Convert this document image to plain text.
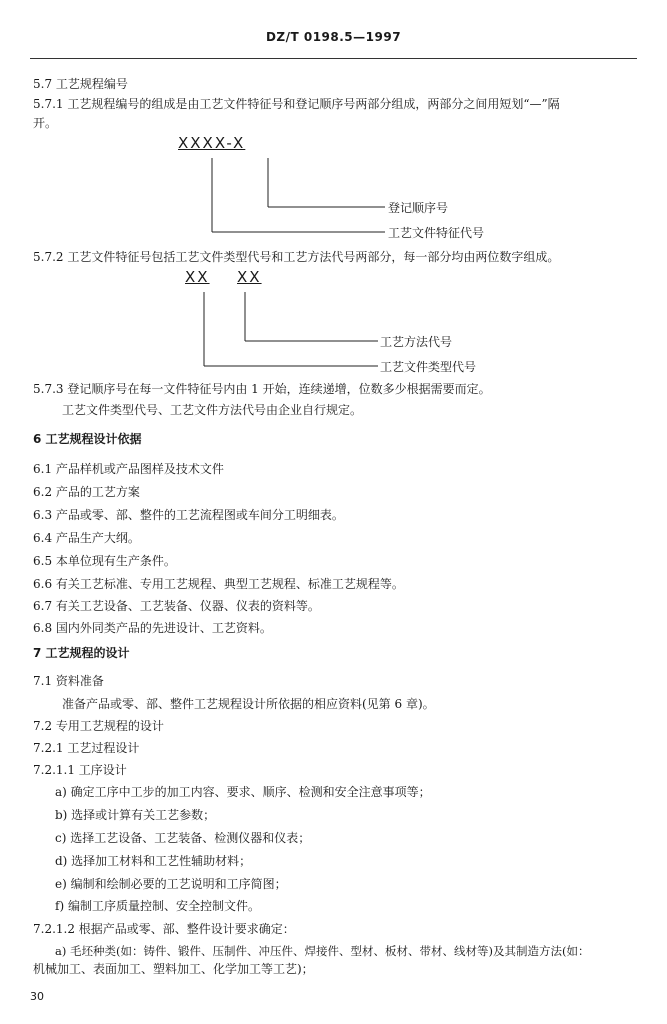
DZ/T 0198.5—1997
5.7 工艺规程编号
5.7.1 工艺规程编号的组成是由工艺文件特征号和登记顺序号两部分组成，两部分之间用短划“—”隔
开。
XXXX-X
登记顺序号
工艺文件特征代号
5.7.2 工艺文件特征号包括工艺文件类型代号和工艺方法代号两部分，每一部分均由两位数字组成。
XX XX
工艺方法代号
工艺文件类型代号
5.7.3 登记顺序号在每一文件特征号内由 1 开始，连续递增，位数多少根据需要而定。
工艺文件类型代号、工艺文件方法代号由企业自行规定。
6 工艺规程设计依据
6.1 产品样机或产品图样及技术文件
6.2 产品的工艺方案
6.3 产品或零、部、整件的工艺流程图或车间分工明细表。
6.4 产品生产大纲。
6.5 本单位现有生产条件。
6.6 有关工艺标准、专用工艺规程、典型工艺规程、标准工艺规程等。
6.7 有关工艺设备、工艺装备、仪器、仪表的资料等。
6.8 国内外同类产品的先进设计、工艺资料。
7 工艺规程的设计
7.1 资料准备
准备产品或零、部、整件工艺规程设计所依据的相应资料(见第 6 章)。
7.2 专用工艺规程的设计
7.2.1 工艺过程设计
7.2.1.1 工序设计
a) 确定工序中工步的加工内容、要求、顺序、检测和安全注意事项等；
b) 选择或计算有关工艺参数；
c) 选择工艺设备、工艺装备、检测仪器和仪表；
d) 选择加工材料和工艺性辅助材料；
e) 编制和绘制必要的工艺说明和工序简图；
f) 编制工序质量控制、安全控制文件。
7.2.1.2 根据产品或零、部、整件设计要求确定：
a) 毛坯种类(如：铸件、锻件、压制件、冲压件、焊接件、型材、板材、带材、线材等)及其制造方法(如：
机械加工、表面加工、塑料加工、化学加工等工艺)；
30
